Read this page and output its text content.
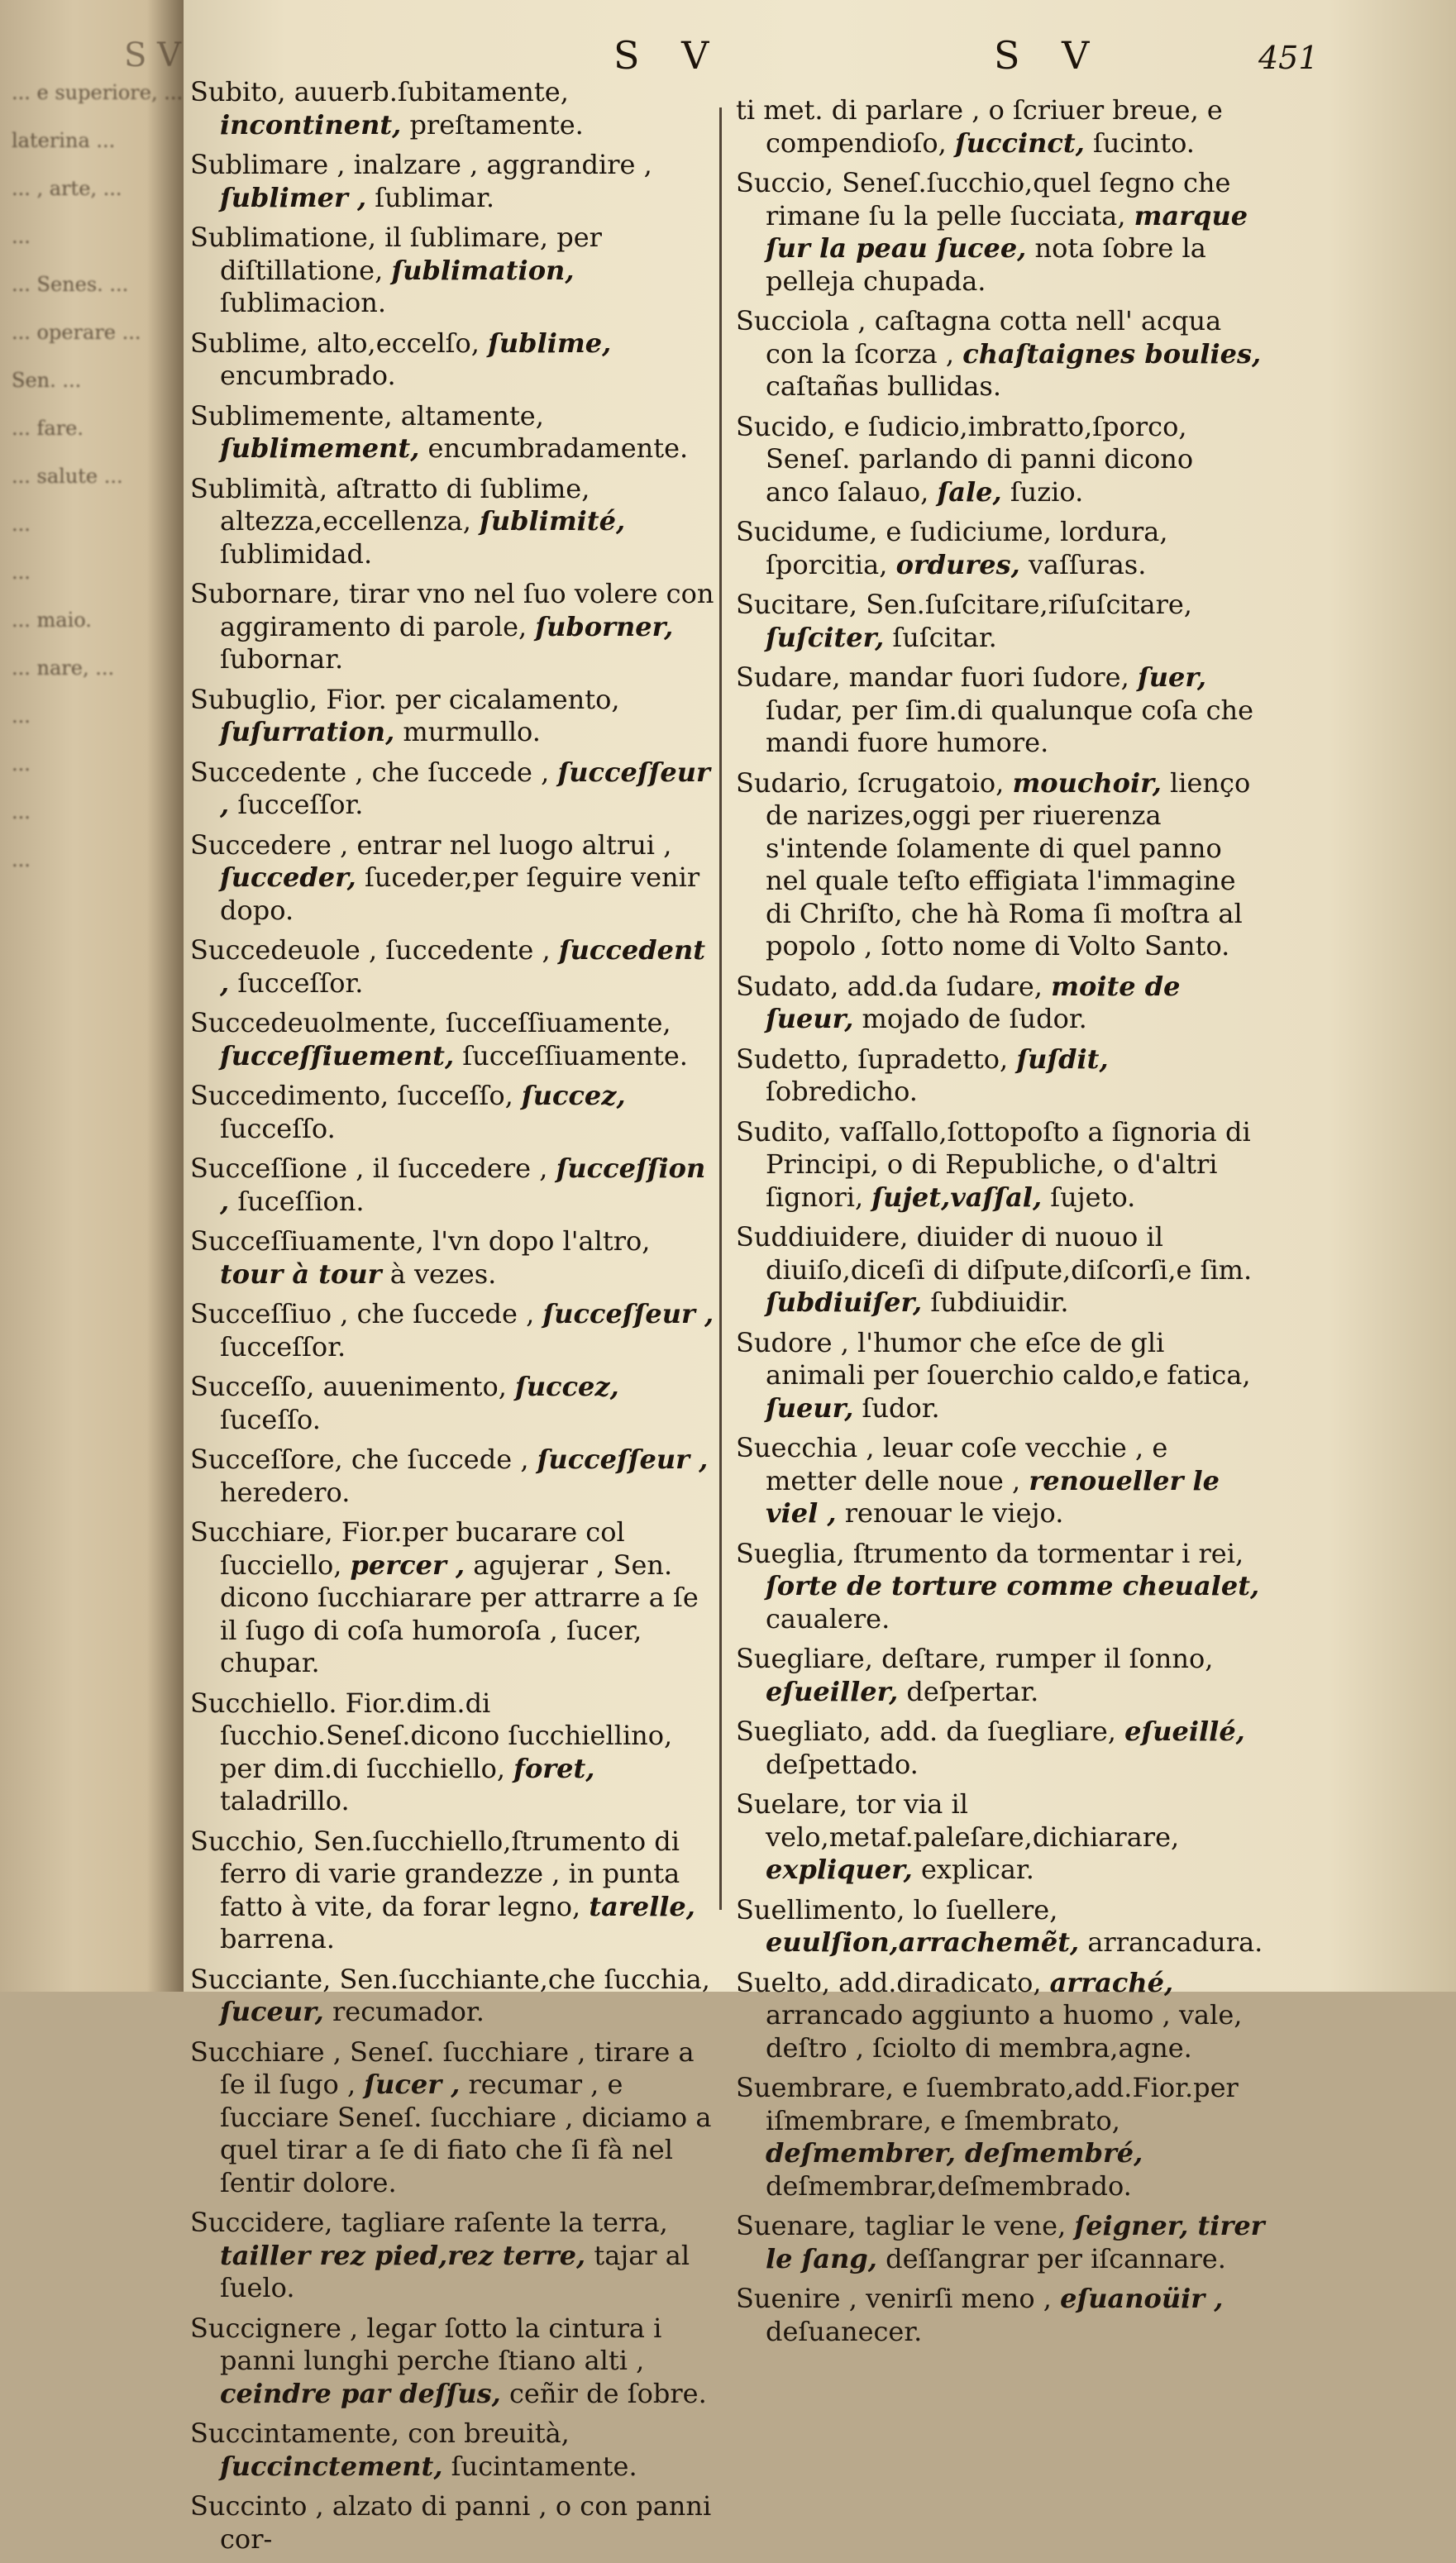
S V
... e superiore, ...
laterina ...
... , arte, ...
...
... Senes. ...
... operare ...
Sen. ...
... fare.
... salute ...
...
...
... maio.
... nare, ...
...
...
...
...
S V	S V	451

Subito, auuerb.ſubitamente, incontinent, preſtamente.

Sublimare , inalzare , aggrandire , ſublimer , ſublimar.

Sublimatione, il ſublimare, per diſtillatione, ſublimation, ſublimacion.

Sublime, alto,eccelſo, ſublime, encumbrado.

Sublimemente, altamente, ſublimement, encumbradamente.

Sublimità, aſtratto di ſublime, altezza,eccellenza, ſublimité, ſublimidad.

Subornare, tirar vno nel ſuo volere con aggiramento di parole, ſuborner, ſubornar.

Subuglio, Fior. per cicalamento, ſuſurration, murmullo.

Succedente , che ſuccede , ſucceſſeur , ſucceſſor.

Succedere , entrar nel luogo altrui , ſucceder, ſuceder,per ſeguire venir dopo.

Succedeuole , ſuccedente , ſuccedent , ſucceſſor.

Succedeuolmente, ſucceſſiuamente, ſucceſſiuement, ſucceſſiuamente.

Succedimento, ſucceſſo, ſuccez, ſucceſſo.

Succeſſione , il ſuccedere , ſucceſſion , ſuceſſion.

Succeſſiuamente, l'vn dopo l'altro, tour à tour à vezes.

Succeſſiuo , che ſuccede , ſucceſſeur , ſucceſſor.

Succeſſo, auuenimento, ſuccez, ſuceſſo.

Succeſſore, che ſuccede , ſucceſſeur , heredero.

Succhiare, Fior.per bucarare col ſucciello, percer , agujerar , Sen. dicono ſucchiarare per attrarre a ſe il ſugo di coſa humoroſa , ſucer, chupar.

Succhiello. Fior.dim.di ſucchio.Seneſ.dicono ſucchiellino, per dim.di ſucchiello, foret, taladrillo.

Succhio, Sen.ſucchiello,ſtrumento di ferro di varie grandezze , in punta fatto à vite, da forar legno, tarelle, barrena.

Succiante, Sen.ſucchiante,che ſucchia, ſuceur, recumador.

Succhiare , Seneſ. ſucchiare , tirare a ſe il ſugo , ſucer , recumar , e ſucciare Seneſ. ſucchiare , diciamo a quel tirar a ſe di fiato che ſi fà nel ſentir dolore.

Succidere, tagliare raſente la terra, tailler rez pied,rez terre, tajar al ſuelo.

Succignere , legar ſotto la cintura i panni lunghi perche ſtiano alti , ceindre par deſſus, ceñir de ſobre.

Succintamente, con breuità, ſuccinctement, ſucintamente.

Succinto , alzato di panni , o con panni cor-

ti met. di parlare , o ſcriuer breue, e compendioſo, ſuccinct, ſucinto.

Succio, Seneſ.ſucchio,quel ſegno che rimane ſu la pelle ſucciata, marque ſur la peau ſucee, nota ſobre la pelleja chupada.

Succiola , caſtagna cotta nell' acqua con la ſcorza , chaſtaignes boulies, caſtañas bullidas.

Sucido, e ſudicio,imbratto,ſporco, Seneſ. parlando di panni dicono anco ſalauo, ſale, ſuzio.

Sucidume, e ſudiciume, lordura, ſporcitia, ordures, vaſſuras.

Sucitare, Sen.ſuſcitare,riſuſcitare, ſuſciter, ſuſcitar.

Sudare, mandar fuori ſudore, ſuer, ſudar, per ſim.di qualunque coſa che mandi fuore humore.

Sudario, ſcrugatoio, mouchoir, lienço de narizes,oggi per riuerenza s'intende ſolamente di quel panno nel quale teſto effigiata l'immagine di Chriſto, che hà Roma ſi moſtra al popolo , ſotto nome di Volto Santo.

Sudato, add.da ſudare, moite de ſueur, mojado de ſudor.

Sudetto, ſupradetto, ſuſdit, ſobredicho.

Sudito, vaſſallo,ſottopoſto a ſignoria di Principi, o di Republiche, o d'altri ſignori, ſujet,vaſſal, ſujeto.

Suddiuidere, diuider di nuouo il diuiſo,diceſi di diſpute,diſcorſi,e ſim. ſubdiuiſer, ſubdiuidir.

Sudore , l'humor che eſce de gli animali per ſouerchio caldo,e fatica, ſueur, ſudor.

Suecchia , leuar coſe vecchie , e metter delle noue , renoueller le viel , renouar le viejo.

Sueglia, ſtrumento da tormentar i rei, ſorte de torture comme cheualet, caualere.

Suegliare, deſtare, rumper il ſonno, eſueiller, deſpertar.

Suegliato, add. da ſuegliare, eſueillé, deſpettado.

Suelare, tor via il velo,metaf.paleſare,dichiarare, expliquer, explicar.

Suellimento, lo ſuellere, euulſion,arrachemẽt, arrancadura.

Suelto, add.diradicato, arraché, arrancado aggiunto a huomo , vale, deſtro , ſciolto di membra,agne.

Suembrare, e ſuembrato,add.Fior.per iſmembrare, e ſmembrato, deſmembrer, deſmembré, deſmembrar,deſmembrado.

Suenare, tagliar le vene, ſeigner, tirer le ſang, deſſangrar per iſcannare.

Suenire , venirſi meno , eſuanoüir , deſuanecer.
